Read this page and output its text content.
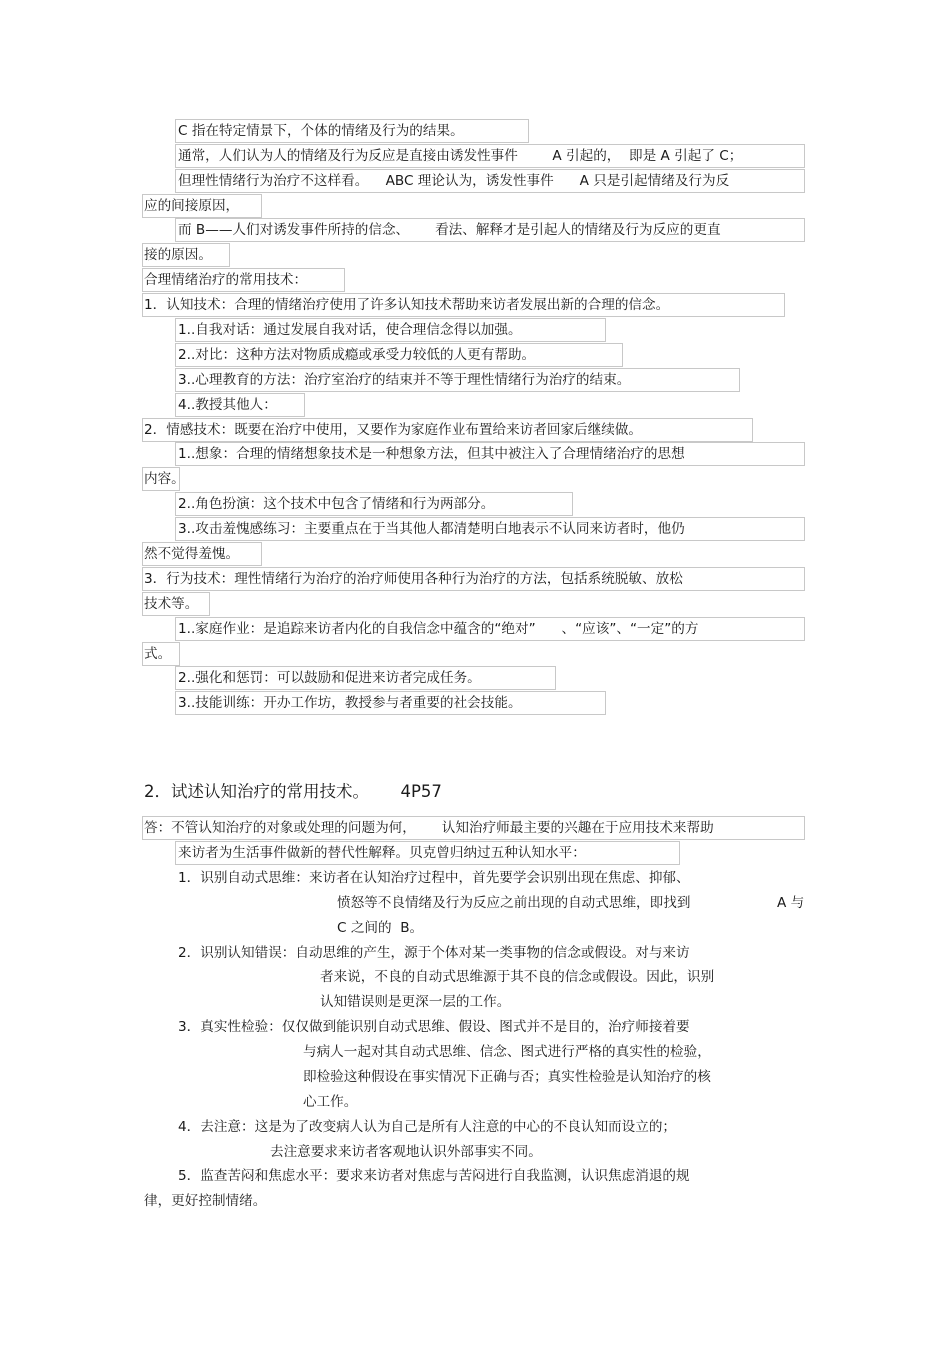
C 指在特定情景下，个体的情绪及行为的结果。
通常，人们认为人的情绪及行为反应是直接由诱发性事件        A 引起的，  即是 A 引起了 C；
但理性情绪行为治疗不这样看。    ABC 理论认为，诱发性事件      A 只是引起情绪及行为反
应的间接原因，
而 B——人们对诱发事件所持的信念、      看法、解释才是引起人的情绪及行为反应的更直
接的原因。
合理情绪治疗的常用技术：
1．认知技术：合理的情绪治疗使用了许多认知技术帮助来访者发展出新的合理的信念。
1..自我对话：通过发展自我对话，使合理信念得以加强。
2..对比：这种方法对物质成瘾或承受力较低的人更有帮助。
3..心理教育的方法：治疗室治疗的结束并不等于理性情绪行为治疗的结束。
4..教授其他人：
2．情感技术：既要在治疗中使用，又要作为家庭作业布置给来访者回家后继续做。
1..想象：合理的情绪想象技术是一种想象方法，但其中被注入了合理情绪治疗的思想
内容。
2..角色扮演：这个技术中包含了情绪和行为两部分。
3..攻击羞愧感练习：主要重点在于当其他人都清楚明白地表示不认同来访者时，他仍
然不觉得羞愧。
3．行为技术：理性情绪行为治疗的治疗师使用各种行为治疗的方法，包括系统脱敏、放松
技术等。
1..家庭作业：是追踪来访者内化的自我信念中蕴含的“绝对”      、“应该”、“一定”的方
式。
2..强化和惩罚：可以鼓励和促进来访者完成任务。
3..技能训练：开办工作坊，教授参与者重要的社会技能。
2．试述认知治疗的常用技术。      4P57
答：不管认知治疗的对象或处理的问题为何，      认知治疗师最主要的兴趣在于应用技术来帮助
来访者为生活事件做新的替代性解释。贝克曾归纳过五种认知水平：
1．识别自动式思维：来访者在认知治疗过程中，首先要学会识别出现在焦虑、抑郁、
愤怒等不良情绪及行为反应之前出现的自动式思维，即找到	A 与
C 之间的  B。
2．识别认知错误：自动思维的产生，源于个体对某一类事物的信念或假设。对与来访
者来说，不良的自动式思维源于其不良的信念或假设。因此，识别
认知错误则是更深一层的工作。
3．真实性检验：仅仅做到能识别自动式思维、假设、图式并不是目的，治疗师接着要
与病人一起对其自动式思维、信念、图式进行严格的真实性的检验，
即检验这种假设在事实情况下正确与否；真实性检验是认知治疗的核
心工作。
4．去注意：这是为了改变病人认为自己是所有人注意的中心的不良认知而设立的；
去注意要求来访者客观地认识外部事实不同。
5．监查苦闷和焦虑水平：要求来访者对焦虑与苦闷进行自我监测，认识焦虑消退的规
律，更好控制情绪。
